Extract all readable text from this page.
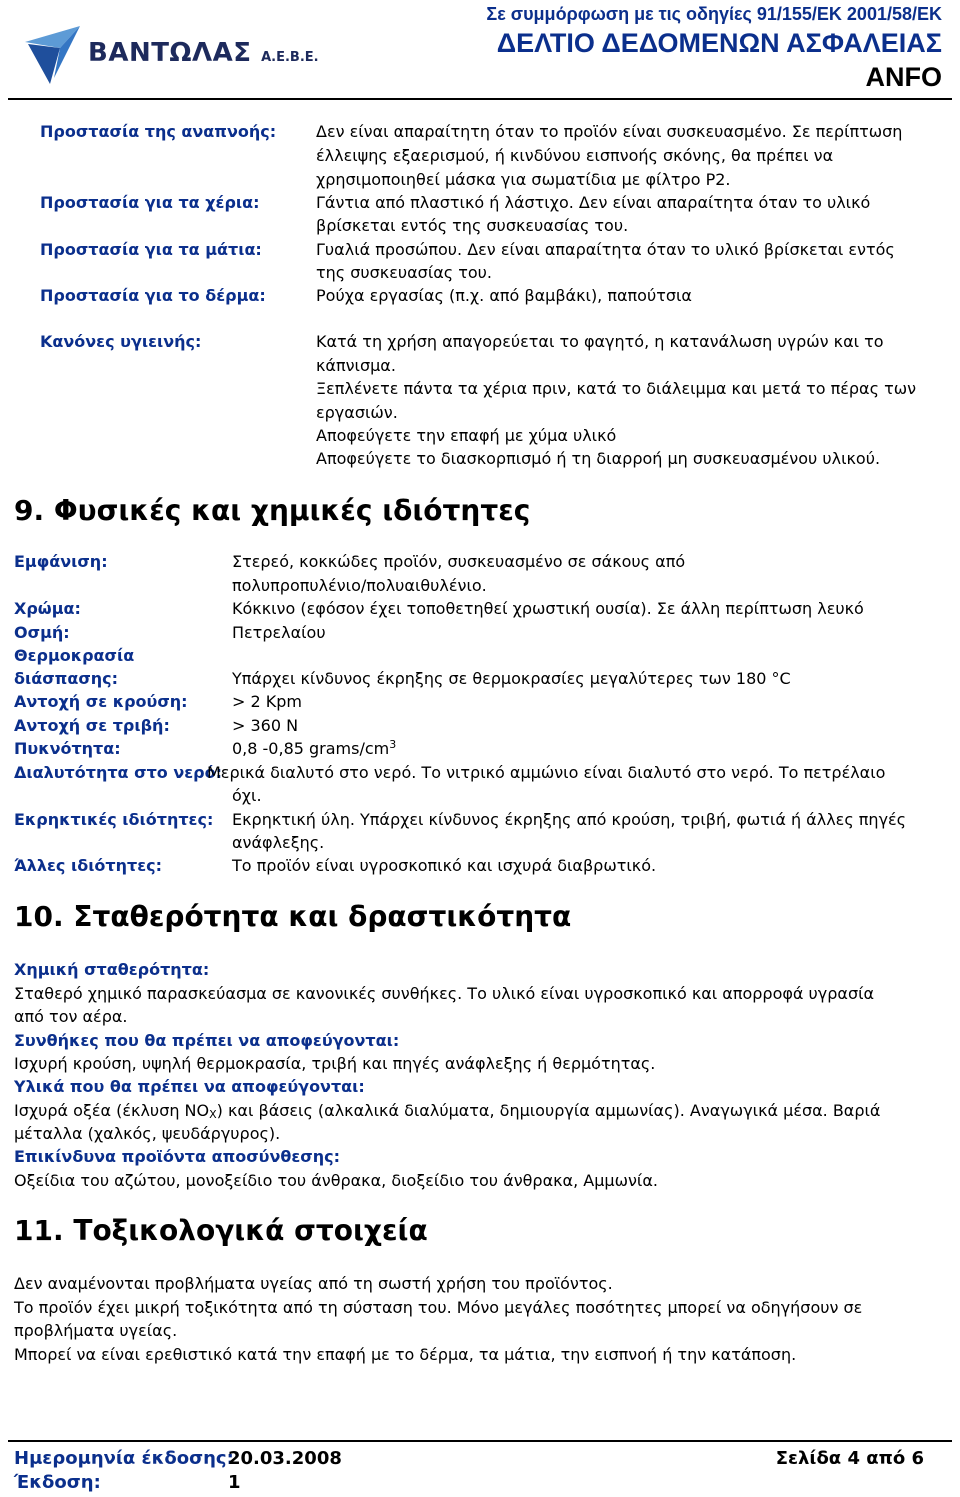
ΒΑΝΤΩΛΑΣ Α.Ε.Β.Ε.
Σε συμμόρφωση με τις οδηγίες 91/155/ΕΚ 2001/58/ΕΚ
ΔΕΛΤΙΟ ΔΕΔΟΜΕΝΩΝ ΑΣΦΑΛΕΙΑΣ
ANFO
Προστασία της αναπνοής: Δεν είναι απαραίτητη όταν το προϊόν είναι συσκευασμένο. Σε περίπτωση
έλλειψης εξαερισμού, ή κινδύνου εισπνοής σκόνης, θα πρέπει να
χρησιμοποιηθεί μάσκα για σωματίδια με φίλτρο P2.
Προστασία για τα χέρια:	Γάντια από πλαστικό ή λάστιχο. Δεν είναι απαραίτητα όταν το υλικό
βρίσκεται εντός της συσκευασίας του.
Προστασία για τα μάτια:	Γυαλιά προσώπου. Δεν είναι απαραίτητα όταν το υλικό βρίσκεται εντός
της συσκευασίας του.
Προστασία για το δέρμα:	Ρούχα εργασίας (π.χ. από βαμβάκι), παπούτσια
Κανόνες υγιεινής:	Κατά τη χρήση απαγορεύεται το φαγητό, η κατανάλωση υγρών και το
κάπνισμα.
Ξεπλένετε πάντα τα χέρια πριν, κατά το διάλειμμα και μετά το πέρας των
εργασιών.
Αποφεύγετε την επαφή με χύμα υλικό
Αποφεύγετε το διασκορπισμό ή τη διαρροή μη συσκευασμένου υλικού.
9. Φυσικές και χημικές ιδιότητες
Εμφάνιση:	Στερεό, κοκκώδες προϊόν, συσκευασμένο σε σάκους από
πολυπροπυλένιο/πολυαιθυλένιο.
Χρώμα:	Κόκκινο (εφόσον έχει τοποθετηθεί χρωστική ουσία). Σε άλλη περίπτωση λευκό
Οσμή:	Πετρελαίου
Θερμοκρασία
διάσπασης:	Υπάρχει κίνδυνος έκρηξης σε θερμοκρασίες μεγαλύτερες των 180 °C
Αντοχή σε κρούση:	> 2 Kpm
Αντοχή σε τριβή:	> 360 N
Πυκνότητα:	0,8 -0,85 grams/$cm^3$
Διαλυτότητα στο νερό:
Μερικά διαλυτό στο νερό. Το νιτρικό αμμώνιο είναι διαλυτό στο νερό. Το πετρέλαιο
όχι.
Εκρηκτικές ιδιότητες: Εκρηκτική ύλη. Υπάρχει κίνδυνος έκρηξης από κρούση, τριβή, φωτιά ή άλλες πηγές
ανάφλεξης.
Άλλες ιδιότητες:	Το προϊόν είναι υγροσκοπικό και ισχυρά διαβρωτικό.
10. Σταθερότητα και δραστικότητα
Χημική σταθερότητα:
Σταθερό χημικό παρασκεύασμα σε κανονικές συνθήκες. Το υλικό είναι υγροσκοπικό και απορροφά υγρασία
από τον αέρα.
Συνθήκες που θα πρέπει να αποφεύγονται:
Ισχυρή κρούση, υψηλή θερμοκρασία, τριβή και πηγές ανάφλεξης ή θερμότητας.
Υλικά που θα πρέπει να αποφεύγονται:
Ισχυρά οξέα (έκλυση $NO_X$) και βάσεις (αλκαλικά διαλύματα, δημιουργία αμμωνίας). Αναγωγικά μέσα. Βαριά
μέταλλα (χαλκός, ψευδάργυρος).
Επικίνδυνα προϊόντα αποσύνθεσης:
Οξείδια του αζώτου, μονοξείδιο του άνθρακα, διοξείδιο του άνθρακα, Αμμωνία.
11. Τοξικολογικά στοιχεία
Δεν αναμένονται προβλήματα υγείας από τη σωστή χρήση του προϊόντος.
Το προϊόν έχει μικρή τοξικότητα από τη σύσταση του. Μόνο μεγάλες ποσότητες μπορεί να οδηγήσουν σε
προβλήματα υγείας.
Μπορεί να είναι ερεθιστικό κατά την επαφή με το δέρμα, τα μάτια, την εισπνοή ή την κατάποση.
Ημερομηνία έκδοσης:
20.03.2008
Έκδοση:	1
Σελίδα 4 από 6
